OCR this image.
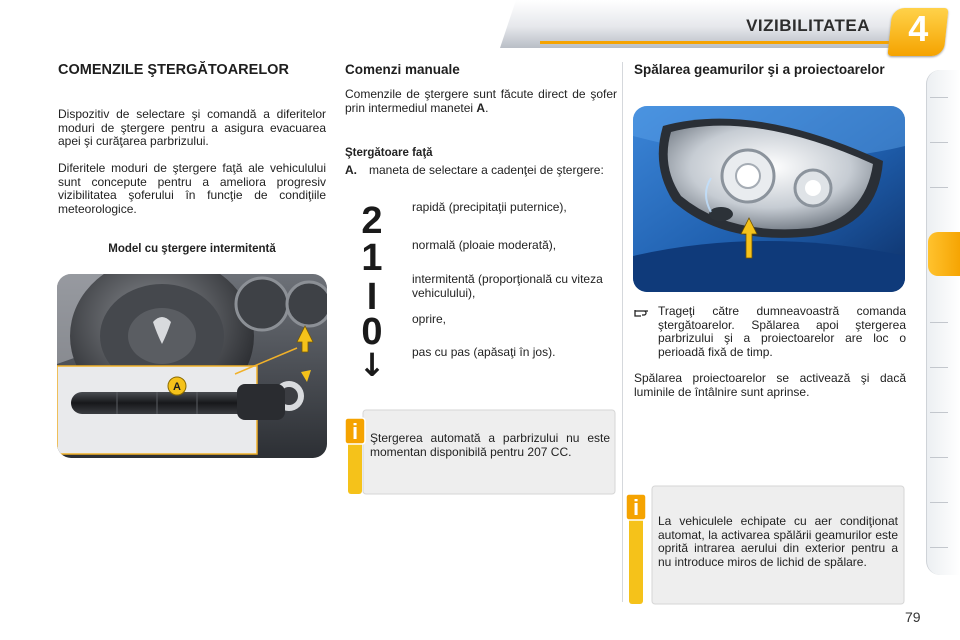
VIZIBILITATEA	4
COMENZILE ŞTERGĂTOARELOR

Dispozitiv de selectare şi comandă a diferitelor moduri de ştergere pentru a asigura evacuarea apei şi curăţarea parbrizului.

Diferitele moduri de ştergere faţă ale vehiculului sunt concepute pentru a ameliora progresiv vizibilitatea şoferului în funcţie de condiţiile meteorologice.

Model cu ştergere intermitentă
A
Comenzi manuale

Comenzile de ştergere sunt făcute direct de şofer prin intermediul manetei A.

Ştergătoare faţă

A. maneta de selectare a cadenţei de ştergere:

2
1
I
0
↓
rapidă (precipitaţii puternice),
normală (ploaie moderată),
intermitentă (proporţională cu viteza vehiculului),
oprire,
pas cu pas (apăsaţi în jos).
i Ştergerea automată a parbrizului nu este momentan disponibilă pentru 207 CC.

Spălarea geamurilor şi a proiectoarelor

Trageţi către dumneavoastră comanda ştergătoarelor. Spălarea apoi ştergerea parbrizului şi a proiectoarelor are loc o perioadă fixă de timp.

Spălarea proiectoarelor se activează şi dacă luminile de întâlnire sunt aprinse.

i

La vehiculele echipate cu aer condiţionat automat, la activarea spălării geamurilor este oprită intrarea aerului din exterior pentru a nu introduce miros de lichid de spălare.

79
